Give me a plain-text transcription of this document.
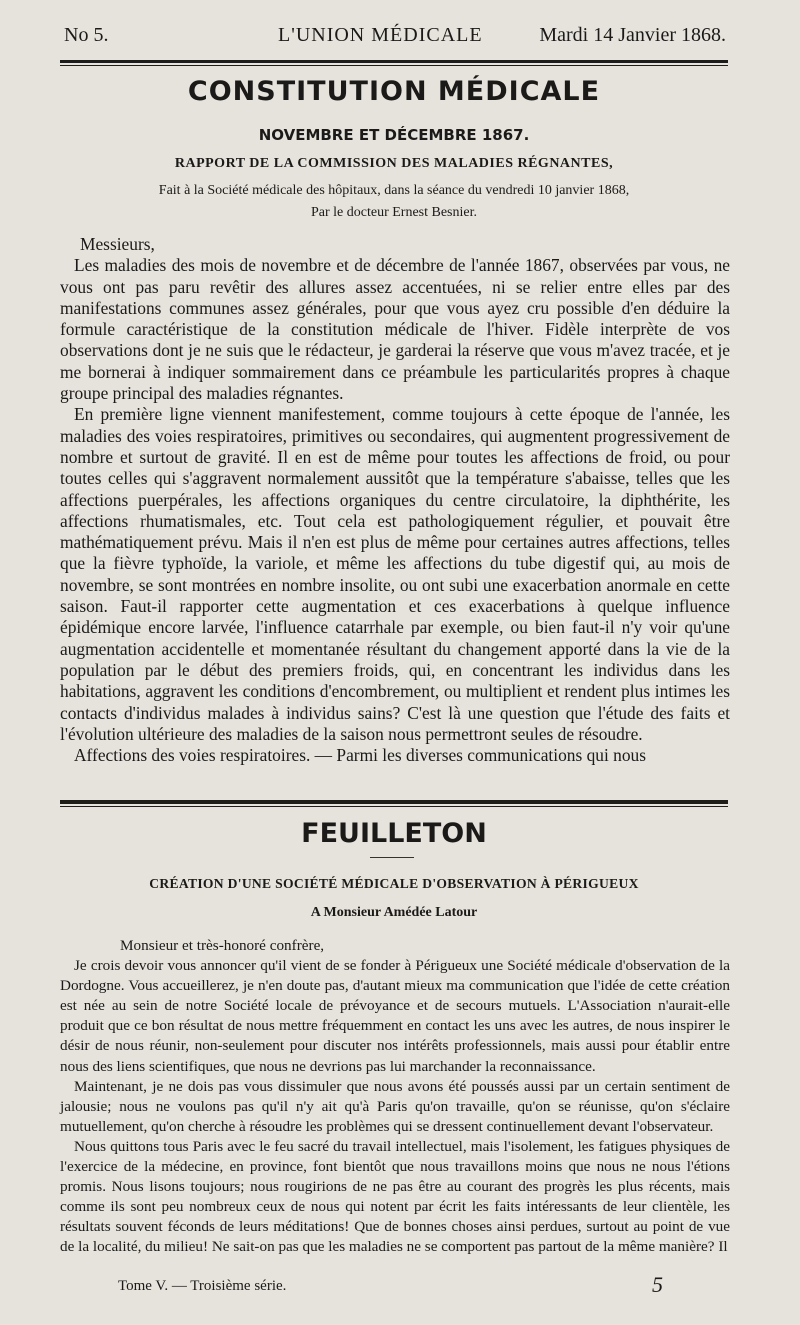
No 5.	L'UNION MÉDICALE	Mardi 14 Janvier 1868.
CONSTITUTION MÉDICALE
NOVEMBRE ET DÉCEMBRE 1867.
RAPPORT DE LA COMMISSION DES MALADIES RÉGNANTES,
Fait à la Société médicale des hôpitaux, dans la séance du vendredi 10 janvier 1868,
Par le docteur Ernest Besnier.

Messieurs,

Les maladies des mois de novembre et de décembre de l'année 1867, observées par vous, ne vous ont pas paru revêtir des allures assez accentuées, ni se relier entre elles par des manifestations communes assez générales, pour que vous ayez cru possible d'en déduire la formule caractéristique de la constitution médicale de l'hiver. Fidèle interprète de vos observations dont je ne suis que le rédacteur, je garderai la réserve que vous m'avez tracée, et je me bornerai à indiquer sommairement dans ce préambule les particularités propres à chaque groupe principal des maladies régnantes.

En première ligne viennent manifestement, comme toujours à cette époque de l'année, les maladies des voies respiratoires, primitives ou secondaires, qui augmentent progressivement de nombre et surtout de gravité. Il en est de même pour toutes les affections de froid, ou pour toutes celles qui s'aggravent normalement aussitôt que la température s'abaisse, telles que les affections puerpérales, les affections organiques du centre circulatoire, la diphthérite, les affections rhumatismales, etc. Tout cela est pathologiquement régulier, et pouvait être mathématiquement prévu. Mais il n'en est plus de même pour certaines autres affections, telles que la fièvre typhoïde, la variole, et même les affections du tube digestif qui, au mois de novembre, se sont montrées en nombre insolite, ou ont subi une exacerbation anormale en cette saison. Faut-il rapporter cette augmentation et ces exacerbations à quelque influence épidémique encore larvée, l'influence catarrhale par exemple, ou bien faut-il n'y voir qu'une augmentation accidentelle et momentanée résultant du changement apporté dans la vie de la population par le début des premiers froids, qui, en concentrant les individus dans les habitations, aggravent les conditions d'encombrement, ou multiplient et rendent plus intimes les contacts d'individus malades à individus sains? C'est là une question que l'étude des faits et l'évolution ultérieure des maladies de la saison nous permettront seules de résoudre.

Affections des voies respiratoires. — Parmi les diverses communications qui nous

FEUILLETON
CRÉATION D'UNE SOCIÉTÉ MÉDICALE D'OBSERVATION À PÉRIGUEUX
A Monsieur Amédée Latour

Monsieur et très-honoré confrère,

Je crois devoir vous annoncer qu'il vient de se fonder à Périgueux une Société médicale d'observation de la Dordogne. Vous accueillerez, je n'en doute pas, d'autant mieux ma communication que l'idée de cette création est née au sein de notre Société locale de prévoyance et de secours mutuels. L'Association n'aurait-elle produit que ce bon résultat de nous mettre fréquemment en contact les uns avec les autres, de nous inspirer le désir de nous réunir, non-seulement pour discuter nos intérêts professionnels, mais aussi pour établir entre nous des liens scientifiques, que nous ne devrions pas lui marchander la reconnaissance.

Maintenant, je ne dois pas vous dissimuler que nous avons été poussés aussi par un certain sentiment de jalousie; nous ne voulons pas qu'il n'y ait qu'à Paris qu'on travaille, qu'on se réunisse, qu'on s'éclaire mutuellement, qu'on cherche à résoudre les problèmes qui se dressent continuellement devant l'observateur.

Nous quittons tous Paris avec le feu sacré du travail intellectuel, mais l'isolement, les fatigues physiques de l'exercice de la médecine, en province, font bientôt que nous travaillons moins que nous ne nous l'étions promis. Nous lisons toujours; nous rougirions de ne pas être au courant des progrès les plus récents, mais comme ils sont peu nombreux ceux de nous qui notent par écrit les faits intéressants de leur clientèle, les résultats souvent féconds de leurs méditations! Que de bonnes choses ainsi perdues, surtout au point de vue de la localité, du milieu! Ne sait-on pas que les maladies ne se comportent pas partout de la même manière? Il

Tome V. — Troisième série.	5
